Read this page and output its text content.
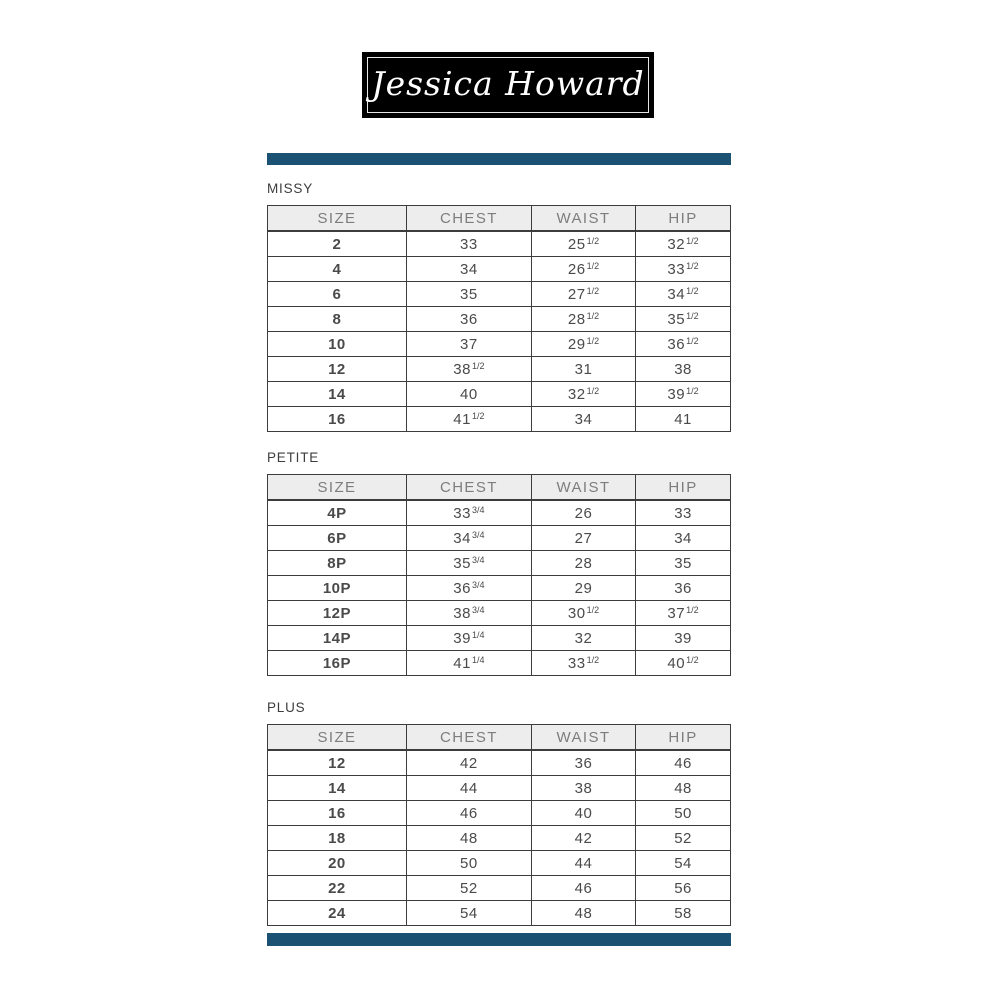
Jessica Howard
MISSY
SIZE	CHEST	WAIST	HIP
2	33	$25^{1/2}$	$32^{1/2}$
4	34	$26^{1/2}$	$33^{1/2}$
6	35	$27^{1/2}$	$34^{1/2}$
8	36	$28^{1/2}$	$35^{1/2}$
10	37	$29^{1/2}$	$36^{1/2}$
12	$38^{1/2}$	31	38
14	40	$32^{1/2}$	$39^{1/2}$
16	$41^{1/2}$	34	41
PETITE
SIZE	CHEST	WAIST	HIP
4P	$33^{3/4}$	26	33
6P	$34^{3/4}$	27	34
8P	$35^{3/4}$	28	35
10P	$36^{3/4}$	29	36
12P	$38^{3/4}$	$30^{1/2}$	$37^{1/2}$
14P	$39^{1/4}$	32	39
16P	$41^{1/4}$	$33^{1/2}$	$40^{1/2}$
PLUS
SIZE	CHEST	WAIST	HIP
12	42	36	46
14	44	38	48
16	46	40	50
18	48	42	52
20	50	44	54
22	52	46	56
24	54	48	58
